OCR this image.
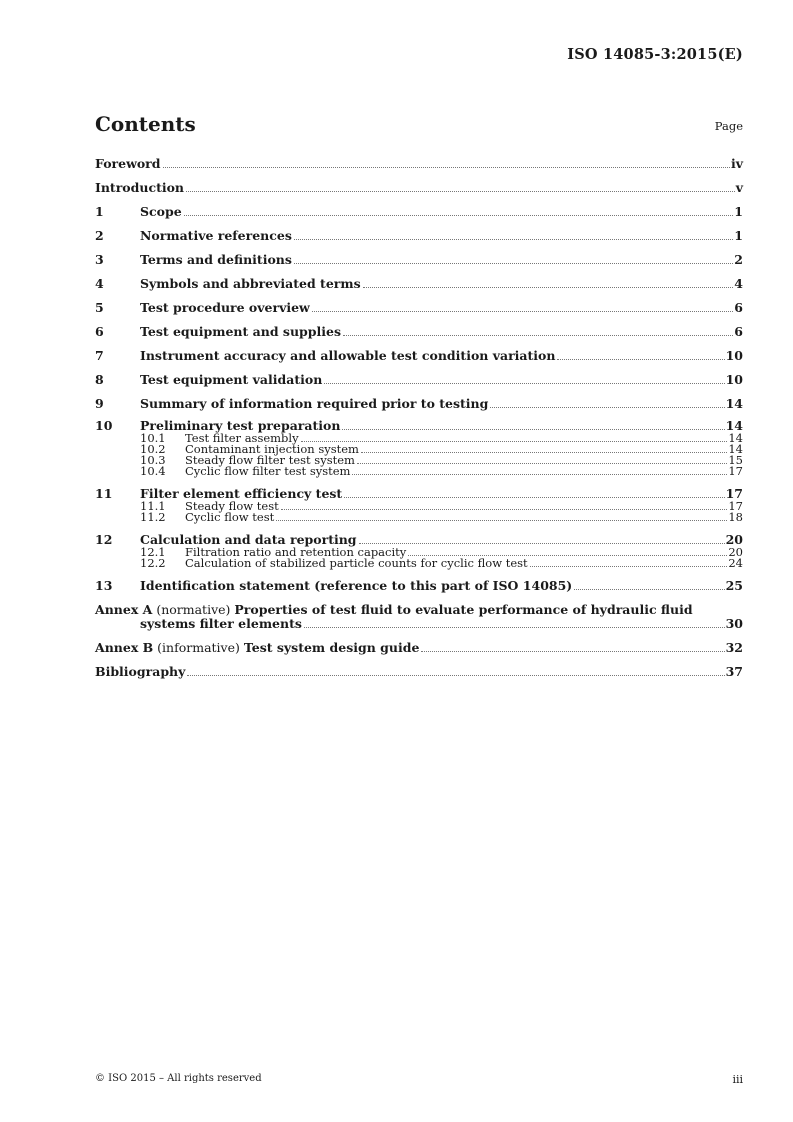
ISO 14085-3:2015(E)
Contents	Page
Foreword	iv
Introduction	v
1	Scope	1
2	Normative references	1
3	Terms and definitions	2
4	Symbols and abbreviated terms	4
5	Test procedure overview	6
6	Test equipment and supplies	6
7	Instrument accuracy and allowable test condition variation	10
8	Test equipment validation	10
9	Summary of information required prior to testing	14
10	Preliminary test preparation	14
10.1	Test filter assembly	14
10.2	Contaminant injection system	14
10.3	Steady flow filter test system	15
10.4	Cyclic flow filter test system	17
11	Filter element efficiency test	17
11.1	Steady flow test	17
11.2	Cyclic flow test	18
12	Calculation and data reporting	20
12.1	Filtration ratio and retention capacity	20
12.2	Calculation of stabilized particle counts for cyclic flow test	24
13	Identification statement (reference to this part of ISO 14085)	25
Annex A (normative) Properties of test fluid to evaluate performance of hydraulic fluid
systems filter elements	30
Annex B (informative) Test system design guide	32
Bibliography	37
© ISO 2015 – All rights reserved	iii
